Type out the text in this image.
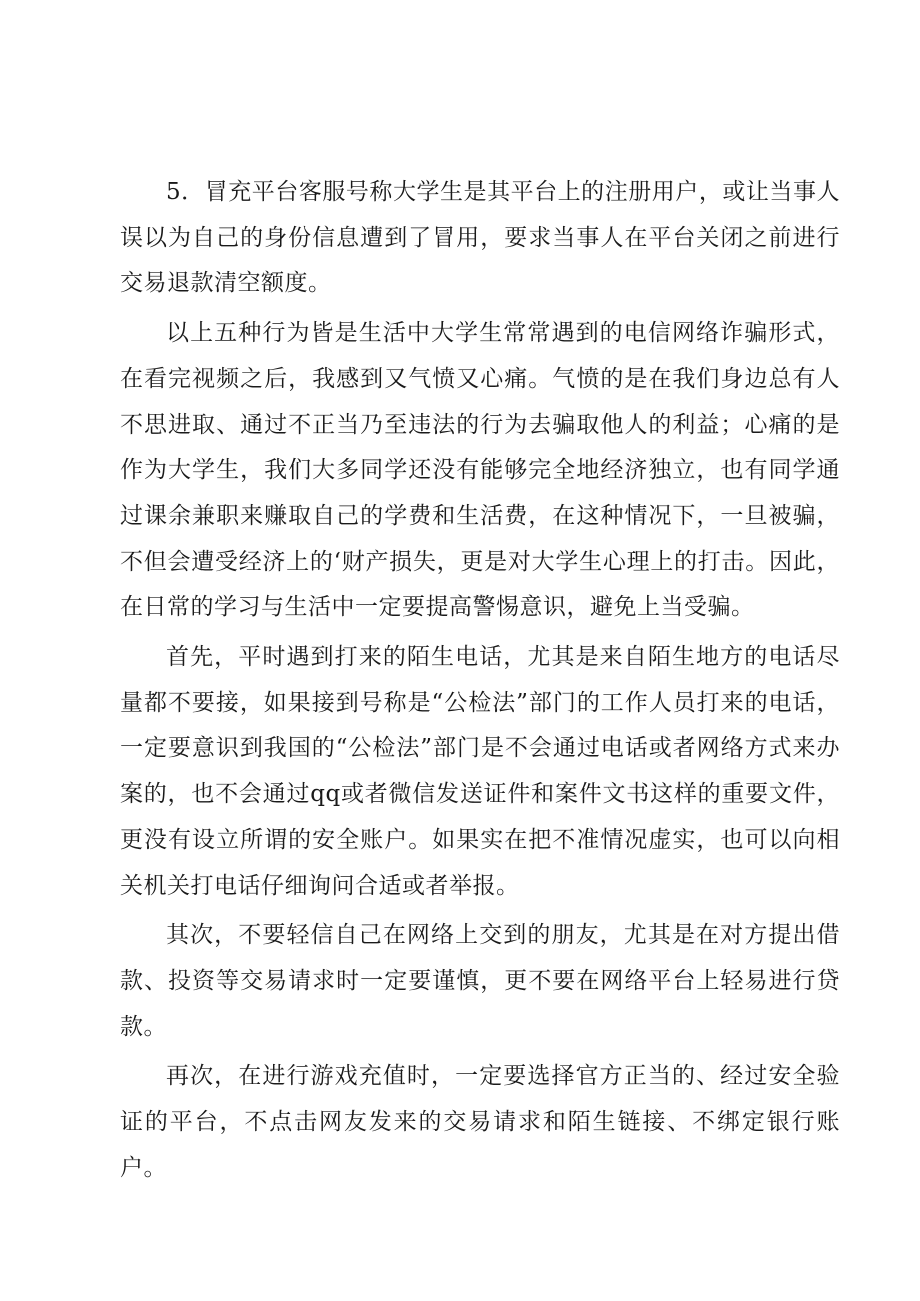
5．冒充平台客服号称大学生是其平台上的注册用户，或让当事人误以为自己的身份信息遭到了冒用，要求当事人在平台关闭之前进行交易退款清空额度。

以上五种行为皆是生活中大学生常常遇到的电信网络诈骗形式，在看完视频之后，我感到又气愤又心痛。气愤的是在我们身边总有人不思进取、通过不正当乃至违法的行为去骗取他人的利益；心痛的是作为大学生，我们大多同学还没有能够完全地经济独立，也有同学通过课余兼职来赚取自己的学费和生活费，在这种情况下，一旦被骗，不但会遭受经济上的‘财产损失，更是对大学生心理上的打击。因此，在日常的学习与生活中一定要提高警惕意识，避免上当受骗。

首先，平时遇到打来的陌生电话，尤其是来自陌生地方的电话尽量都不要接，如果接到号称是“公检法”部门的工作人员打来的电话，一定要意识到我国的“公检法”部门是不会通过电话或者网络方式来办案的，也不会通过qq或者微信发送证件和案件文书这样的重要文件，更没有设立所谓的安全账户。如果实在把不准情况虚实，也可以向相关机关打电话仔细询问合适或者举报。

其次，不要轻信自己在网络上交到的朋友，尤其是在对方提出借款、投资等交易请求时一定要谨慎，更不要在网络平台上轻易进行贷款。

再次，在进行游戏充值时，一定要选择官方正当的、经过安全验证的平台，不点击网友发来的交易请求和陌生链接、不绑定银行账户。
